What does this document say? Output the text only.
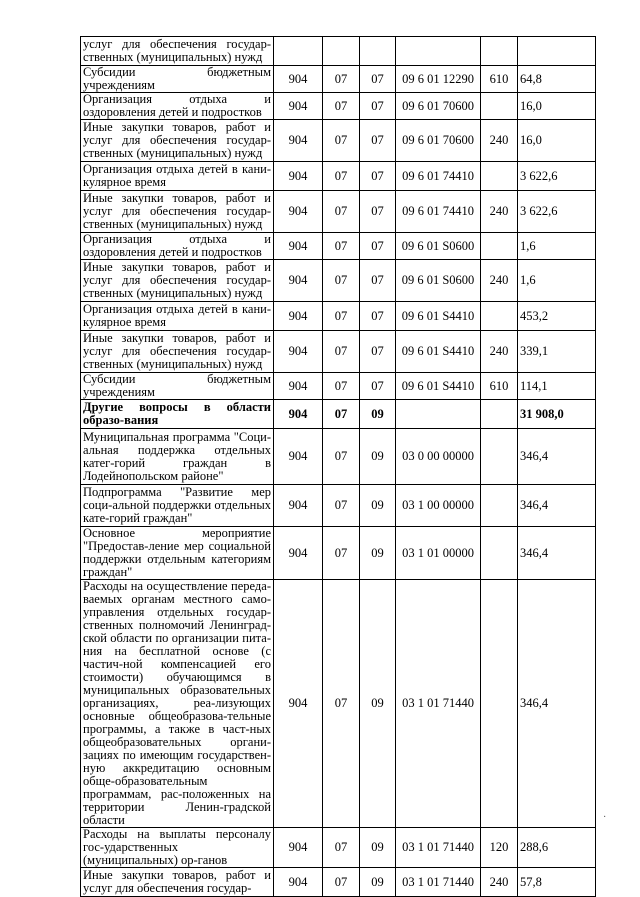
услуг для обеспечения государ-ственных (муниципальных) нужд						
Субсидии бюджетным учреждениям	904	07	07	09 6 01 12290	610	64,8
Организация отдыха и оздоровления детей и подростков	904	07	07	09 6 01 70600		16,0
Иные закупки товаров, работ и услуг для обеспечения государ-ственных (муниципальных) нужд	904	07	07	09 6 01 70600	240	16,0
Организация отдыха детей в кани-кулярное время	904	07	07	09 6 01 74410		3 622,6
Иные закупки товаров, работ и услуг для обеспечения государ-ственных (муниципальных) нужд	904	07	07	09 6 01 74410	240	3 622,6
Организация отдыха и оздоровления детей и подростков	904	07	07	09 6 01 S0600		1,6
Иные закупки товаров, работ и услуг для обеспечения государ-ственных (муниципальных) нужд	904	07	07	09 6 01 S0600	240	1,6
Организация отдыха детей в кани-кулярное время	904	07	07	09 6 01 S4410		453,2
Иные закупки товаров, работ и услуг для обеспечения государ-ственных (муниципальных) нужд	904	07	07	09 6 01 S4410	240	339,1
Субсидии бюджетным учреждениям	904	07	07	09 6 01 S4410	610	114,1
Другие вопросы в области образо-вания	904	07	09			31 908,0
Муниципальная программа "Соци-альная поддержка отдельных катег-горий граждан в Лодейнопольском районе"	904	07	09	03 0 00 00000		346,4
Подпрограмма "Развитие мер соци-альной поддержки отдельных кате-горий граждан"	904	07	09	03 1 00 00000		346,4
Основное мероприятие "Предостав-ление мер социальной поддержки отдельным категориям граждан"	904	07	09	03 1 01 00000		346,4
Расходы на осуществление переда-ваемых органам местного само-управления отдельных государ-ственных полномочий Ленинград-ской области по организации пита-ния на бесплатной основе (с частич-ной компенсацией его стоимости) обучающимся в муниципальных образовательных организациях, реа-лизующих основные общеобразова-тельные программы, а также в част-ных общеобразовательных органи-зациях по имеющим государствен-ную аккредитацию основным обще-образовательным программам, рас-положенных на территории Ленин-градской области	904	07	09	03 1 01 71440		346,4
Расходы на выплаты персоналу гос-ударственных (муниципальных) ор-ганов	904	07	09	03 1 01 71440	120	288,6
Иные закупки товаров, работ и услуг для обеспечения государ-	904	07	09	03 1 01 71440	240	57,8
·
